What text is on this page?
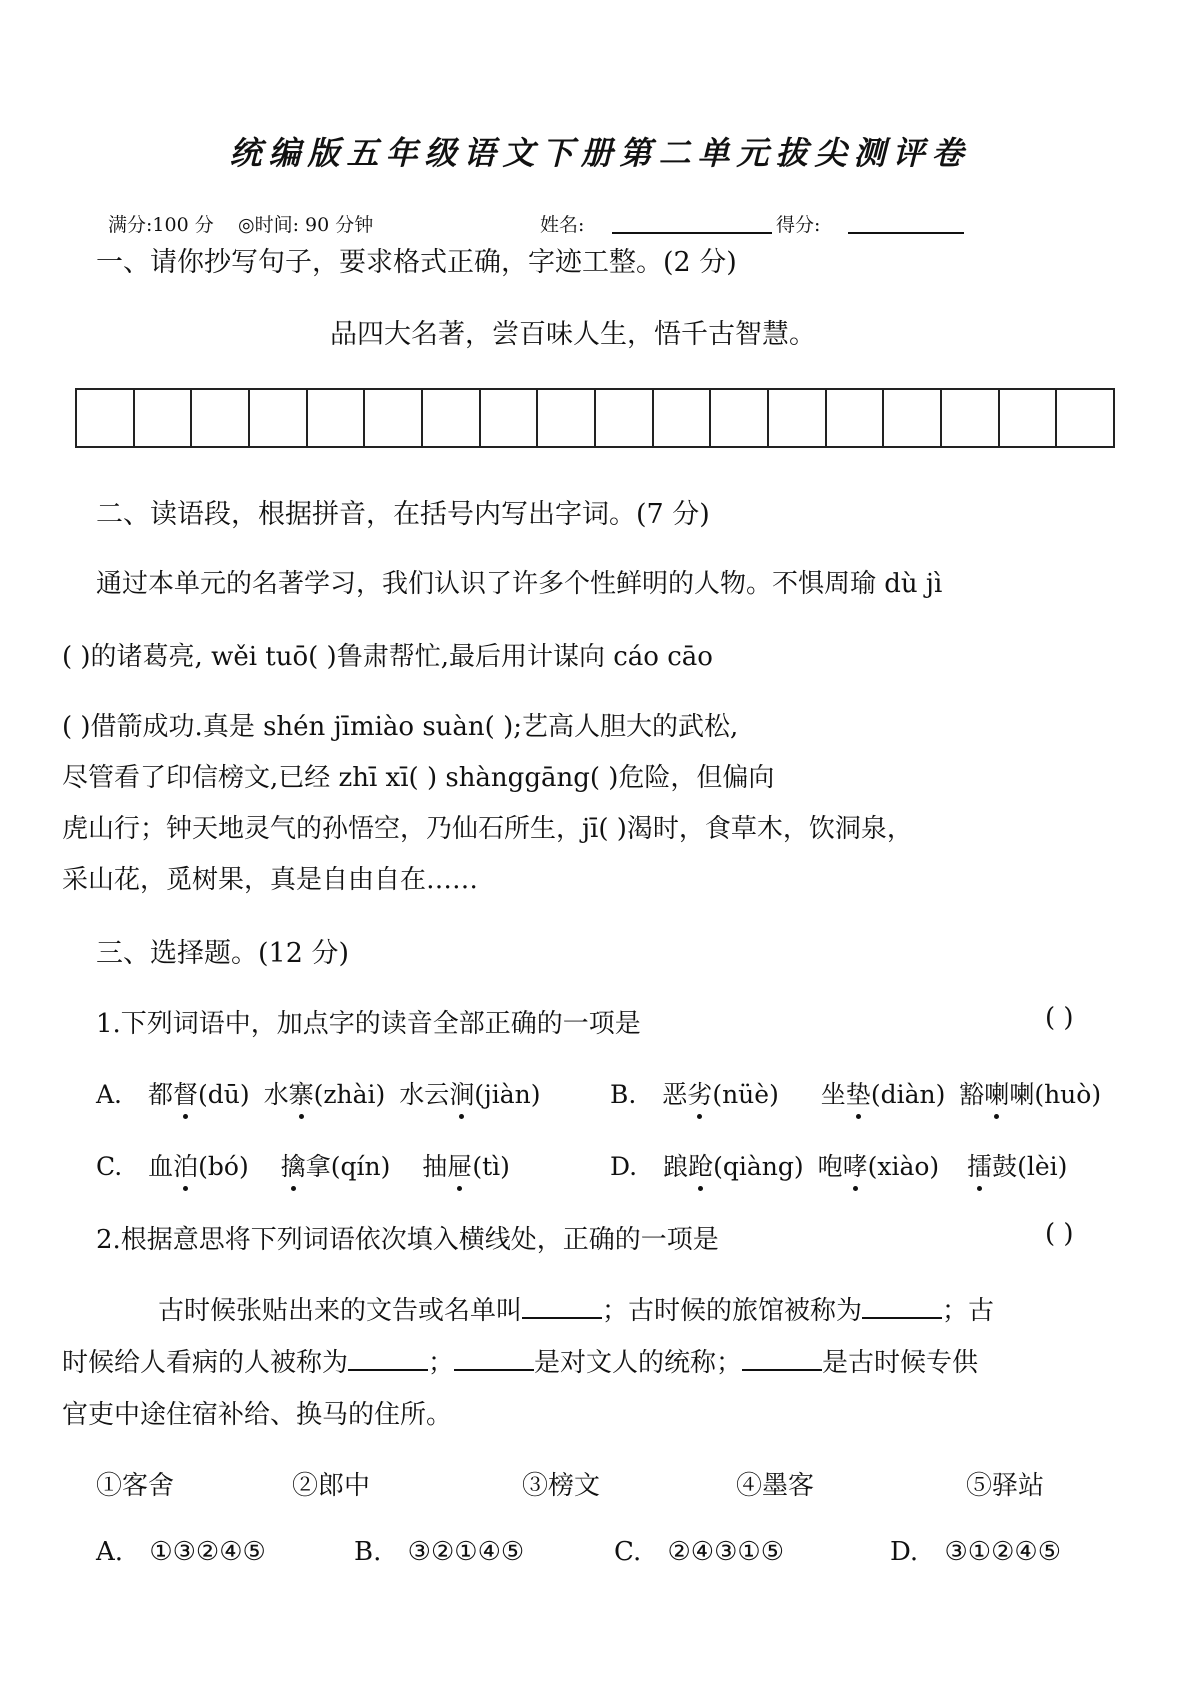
统编版五年级语文下册第二单元拔尖测评卷
满分:100 分 ◎时间: 90 分钟	姓名:	得分:
一、请你抄写句子，要求格式正确，字迹工整。(2 分)
品四大名著，尝百味人生，悟千古智慧。
二、读语段，根据拼音，在括号内写出字词。(7 分)
通过本单元的名著学习，我们认识了许多个性鲜明的人物。不惧周瑜 dù jì
( )的诸葛亮, wěi tuō( )鲁肃帮忙,最后用计谋向 cáo cāo
( )借箭成功.真是 shén jīmiào suàn( );艺高人胆大的武松,
尽管看了印信榜文,已经 zhī xī( ) shànggāng( )危险，但偏向
虎山行；钟天地灵气的孙悟空，乃仙石所生，jī( )渴时，食草木，饮洞泉，
采山花，觅树果，真是自由自在……
三、选择题。(12 分)
1.下列词语中，加点字的读音全部正确的一项是	( )
A. 都督(dū) 水寨(zhài) 水云涧(jiàn)	B. 恶劣(nüè) 坐垫(diàn) 豁喇喇(huò)
C. 血泊(bó) 擒拿(qín) 抽屉(tì)	D. 踉跄(qiàng) 咆哮(xiào) 擂鼓(lèi)
2.根据意思将下列词语依次填入横线处，正确的一项是	( )
古时候张贴出来的文告或名单叫	；古时候的旅馆被称为	；古
时候给人看病的人被称为	；	是对文人的统称；	是古时候专供
官吏中途住宿补给、换马的住所。
①客舍	②郎中	③榜文	④墨客	⑤驿站
A. ①③②④⑤	B. ③②①④⑤	C. ②④③①⑤	D. ③①②④⑤
